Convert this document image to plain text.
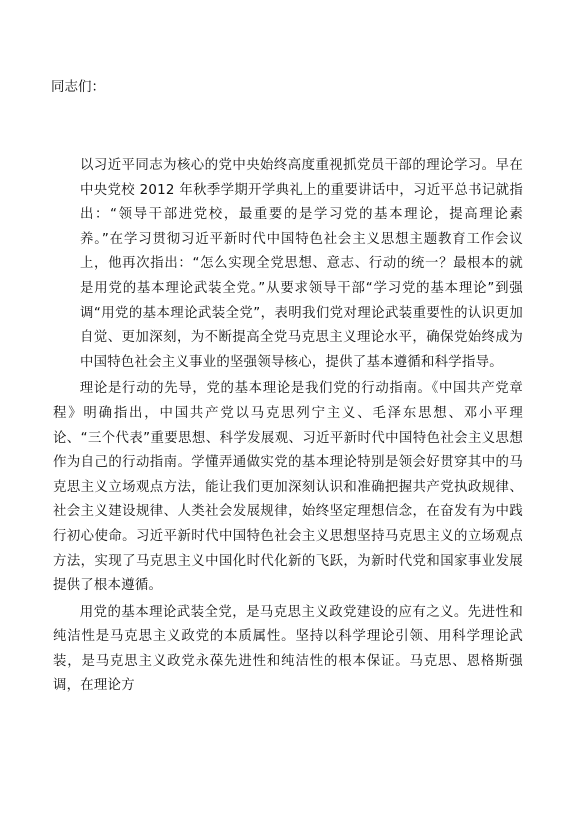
同志们：

以习近平同志为核心的党中央始终高度重视抓党员干部的理论学习。早在中央党校 2012 年秋季学期开学典礼上的重要讲话中，习近平总书记就指出：“领导干部进党校，最重要的是学习党的基本理论，提高理论素养。”在学习贯彻习近平新时代中国特色社会主义思想主题教育工作会议上，他再次指出：“怎么实现全党思想、意志、行动的统一？最根本的就是用党的基本理论武装全党。”从要求领导干部“学习党的基本理论”到强调“用党的基本理论武装全党”，表明我们党对理论武装重要性的认识更加自觉、更加深刻，为不断提高全党马克思主义理论水平，确保党始终成为中国特色社会主义事业的坚强领导核心，提供了基本遵循和科学指导。

理论是行动的先导，党的基本理论是我们党的行动指南。《中国共产党章程》明确指出，中国共产党以马克思列宁主义、毛泽东思想、邓小平理论、“三个代表”重要思想、科学发展观、习近平新时代中国特色社会主义思想作为自己的行动指南。学懂弄通做实党的基本理论特别是领会好贯穿其中的马克思主义立场观点方法，能让我们更加深刻认识和准确把握共产党执政规律、社会主义建设规律、人类社会发展规律，始终坚定理想信念，在奋发有为中践行初心使命。习近平新时代中国特色社会主义思想坚持马克思主义的立场观点方法，实现了马克思主义中国化时代化新的飞跃，为新时代党和国家事业发展提供了根本遵循。

用党的基本理论武装全党，是马克思主义政党建设的应有之义。先进性和纯洁性是马克思主义政党的本质属性。坚持以科学理论引领、用科学理论武装，是马克思主义政党永葆先进性和纯洁性的根本保证。马克思、恩格斯强调，在理论方
